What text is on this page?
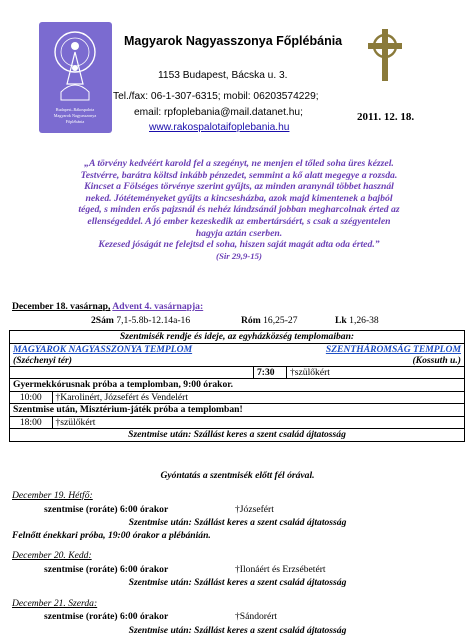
Budapest–Rákospalota
Magyarok Nagyasszonya
Főplébánia
Magyarok Nagyasszonya Főplébánia
1153 Budapest, Bácska u. 3.
Tel./fax: 06-1-307-6315; mobil: 06203574229;
email: rpfoplebania@mail.datanet.hu;
www.rakospalotaifoplebania.hu
2011. 12. 18.
„A törvény kedvéért karold fel a szegényt, ne menjen el tőled soha üres kézzel.
Testvérre, barátra költsd inkább pénzedet, semmint a kő alatt megegye a rozsda.
Kincset a Fölséges törvénye szerint gyűjts, az minden aranynál többet használ
neked. Jótéteményeket gyűjts a kincsesházba, azok majd kimentenek a bajból
téged, s minden erős pajzsnál és nehéz lándzsánál jobban megharcolnak érted az
ellenségeddel. A jó ember kezeskedik az embertársáért, s csak a szégyentelen
hagyja aztán cserben.
Kezesed jóságát ne felejtsd el soha, hiszen saját magát adta oda érted.”
(Sir 29,9-15)
December 18. vasárnap, Advent 4. vasárnapja:
2Sám 7,1-5.8b-12.14a-16	Róm 16,25-27	Lk 1,26-38
Szentmisék rendje és ideje, az egyházközség templomaiban:			

MAGYAROK NAGYASSZONYA TEMPLOM SZENTHÁROMSÁG TEMPLOM
(Széchenyi tér) (Kossuth u.)			

		7:30	†szülőkért
Gyermekkórusnak próba a templomban, 9:00 órakor.			
10:00	†Karolinért, Józsefért és Vendelért		
Szentmise után, Misztérium-játék próba a templomban!			
18:00	†szülőkért		
Szentmise után: Szállást keres a szent család ájtatosság			
Gyóntatás a szentmisék előtt fél órával.
December 19. Hétfő:
szentmise (roráte) 6:00 órakor	†Józsefért
Szentmise után: Szállást keres a szent család ájtatosság
Felnőtt énekkari próba, 19:00 órakor a plébánián.
December 20. Kedd:
szentmise (roráte) 6:00 órakor	†Ilonáért és Erzsébetért
Szentmise után: Szállást keres a szent család ájtatosság
December 21. Szerda:
szentmise (roráte) 6:00 órakor	†Sándorért
Szentmise után: Szállást keres a szent család ájtatosság
